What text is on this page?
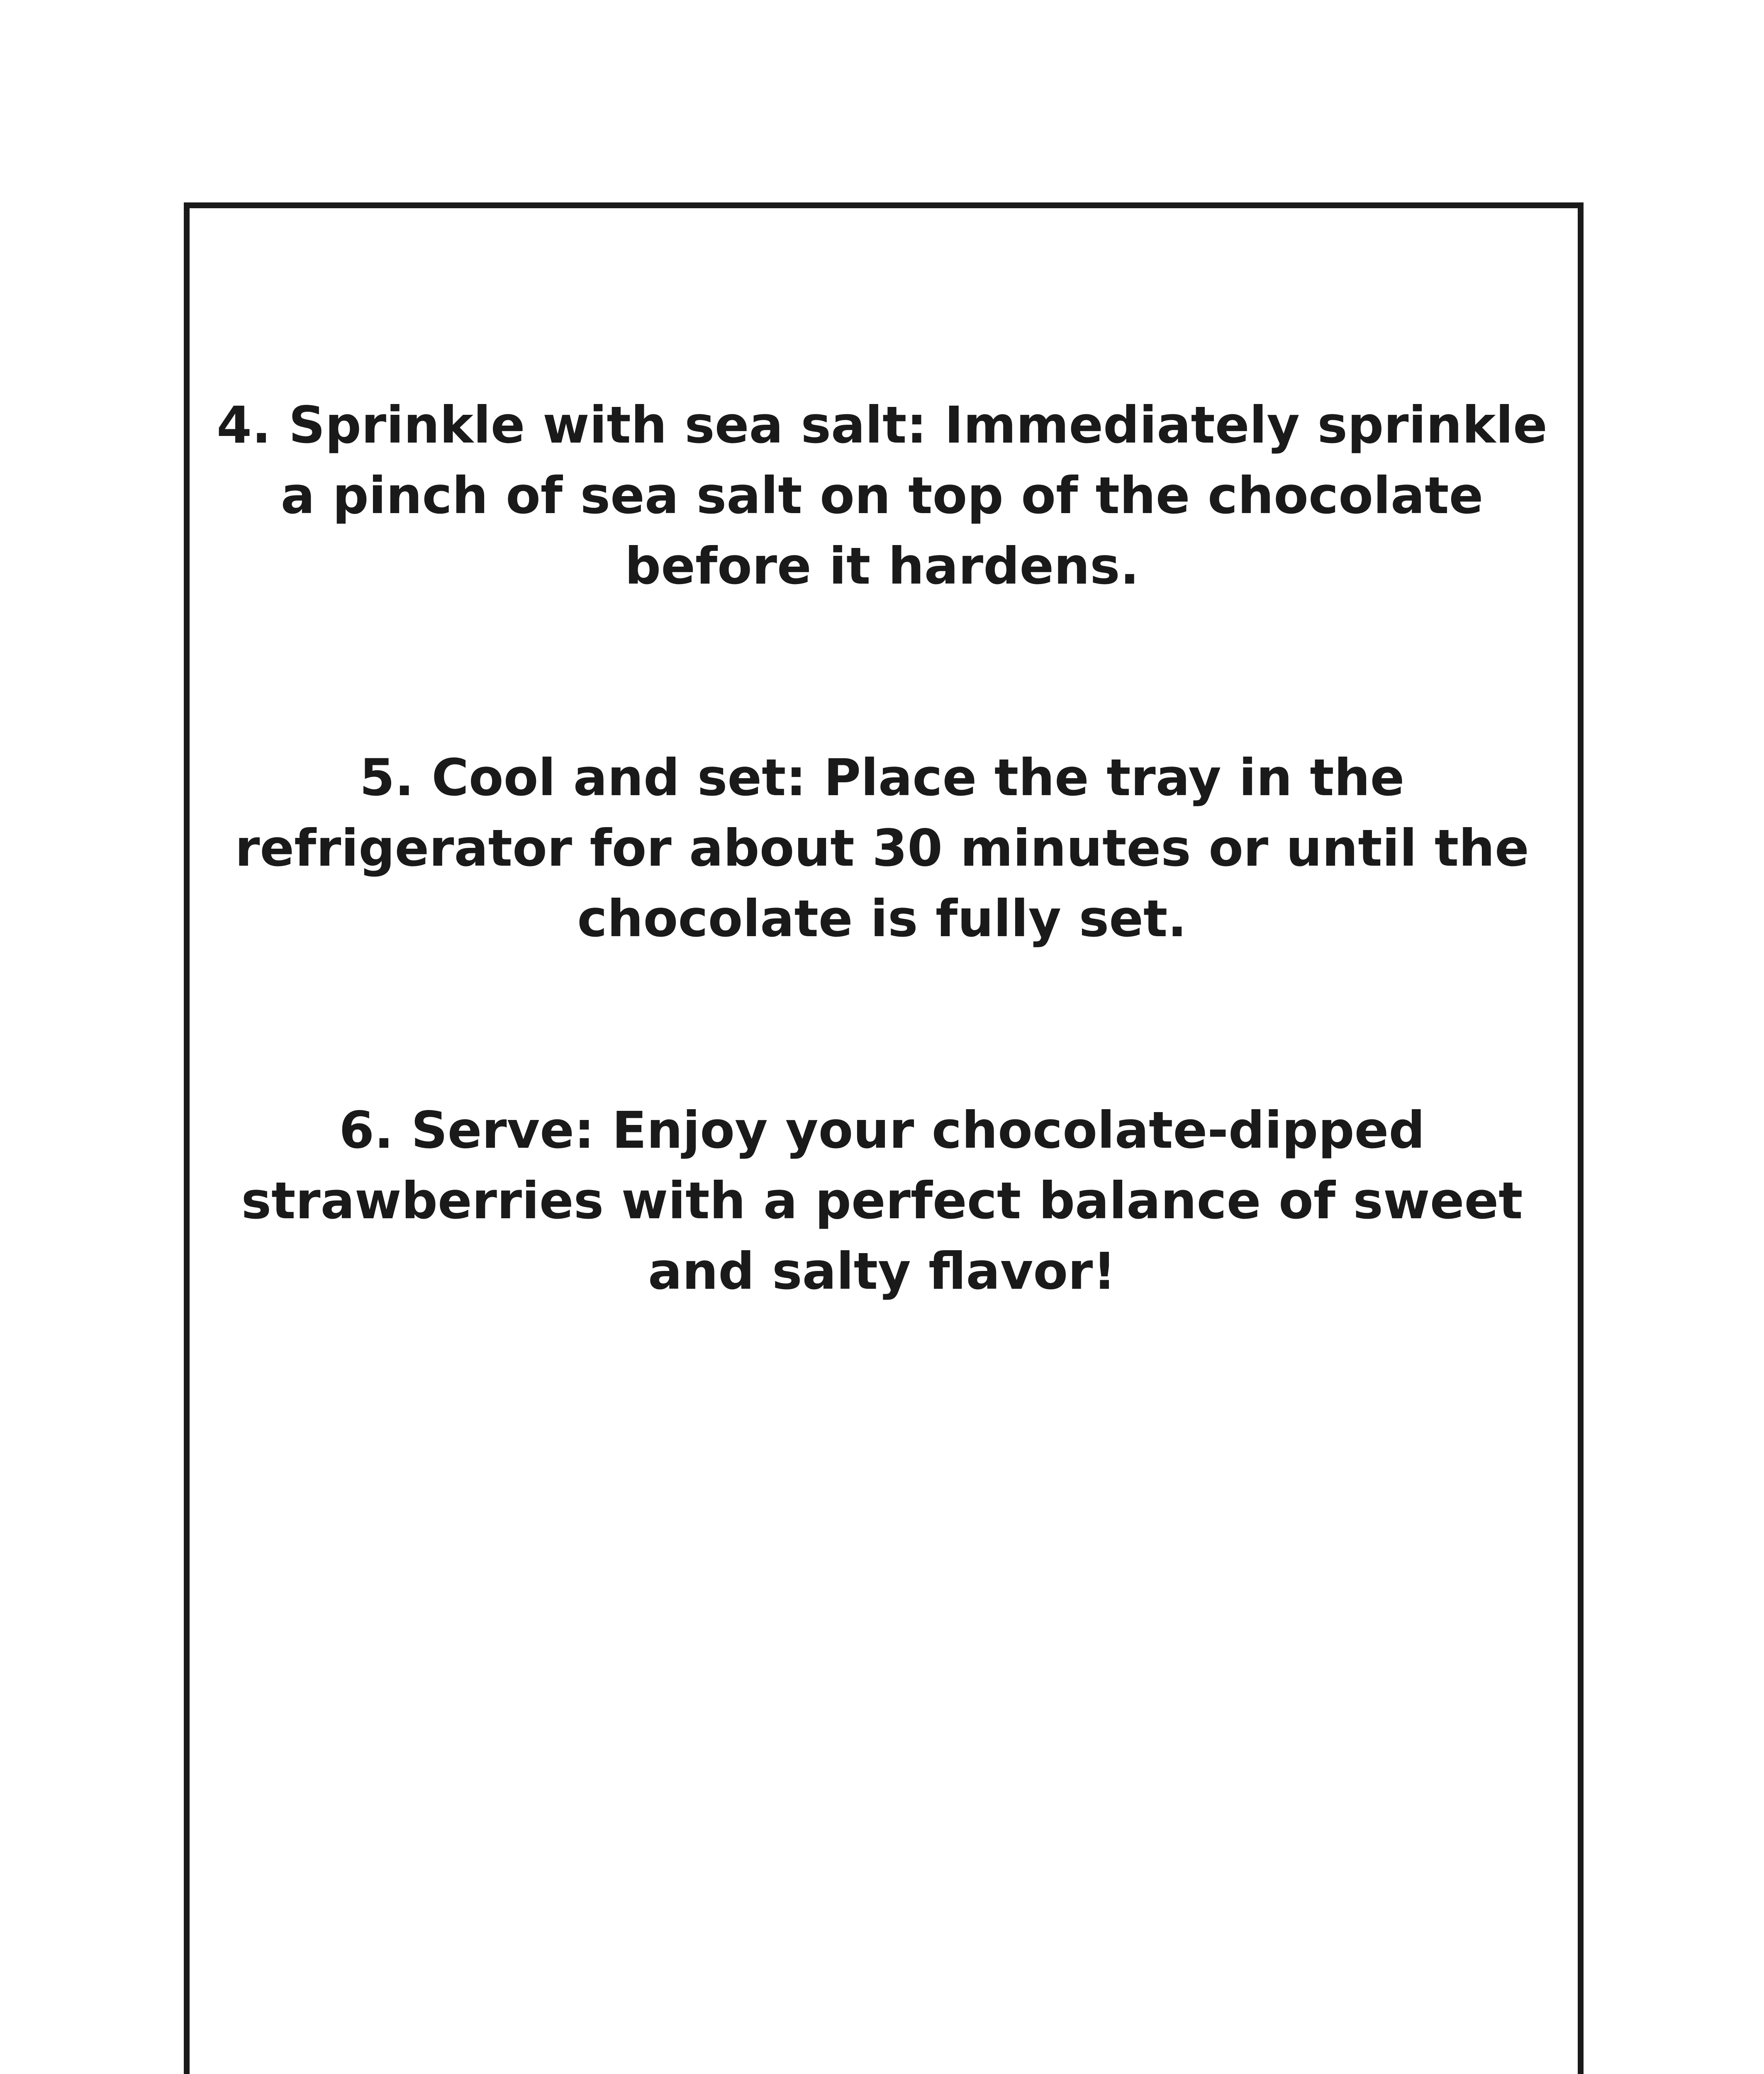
4. Sprinkle with sea salt: Immediately sprinkle a pinch of sea salt on top of the chocolate before it hardens.

5. Cool and set: Place the tray in the refrigerator for about 30 minutes or until the chocolate is fully set.

6. Serve: Enjoy your chocolate-dipped strawberries with a perfect balance of sweet and salty flavor!
